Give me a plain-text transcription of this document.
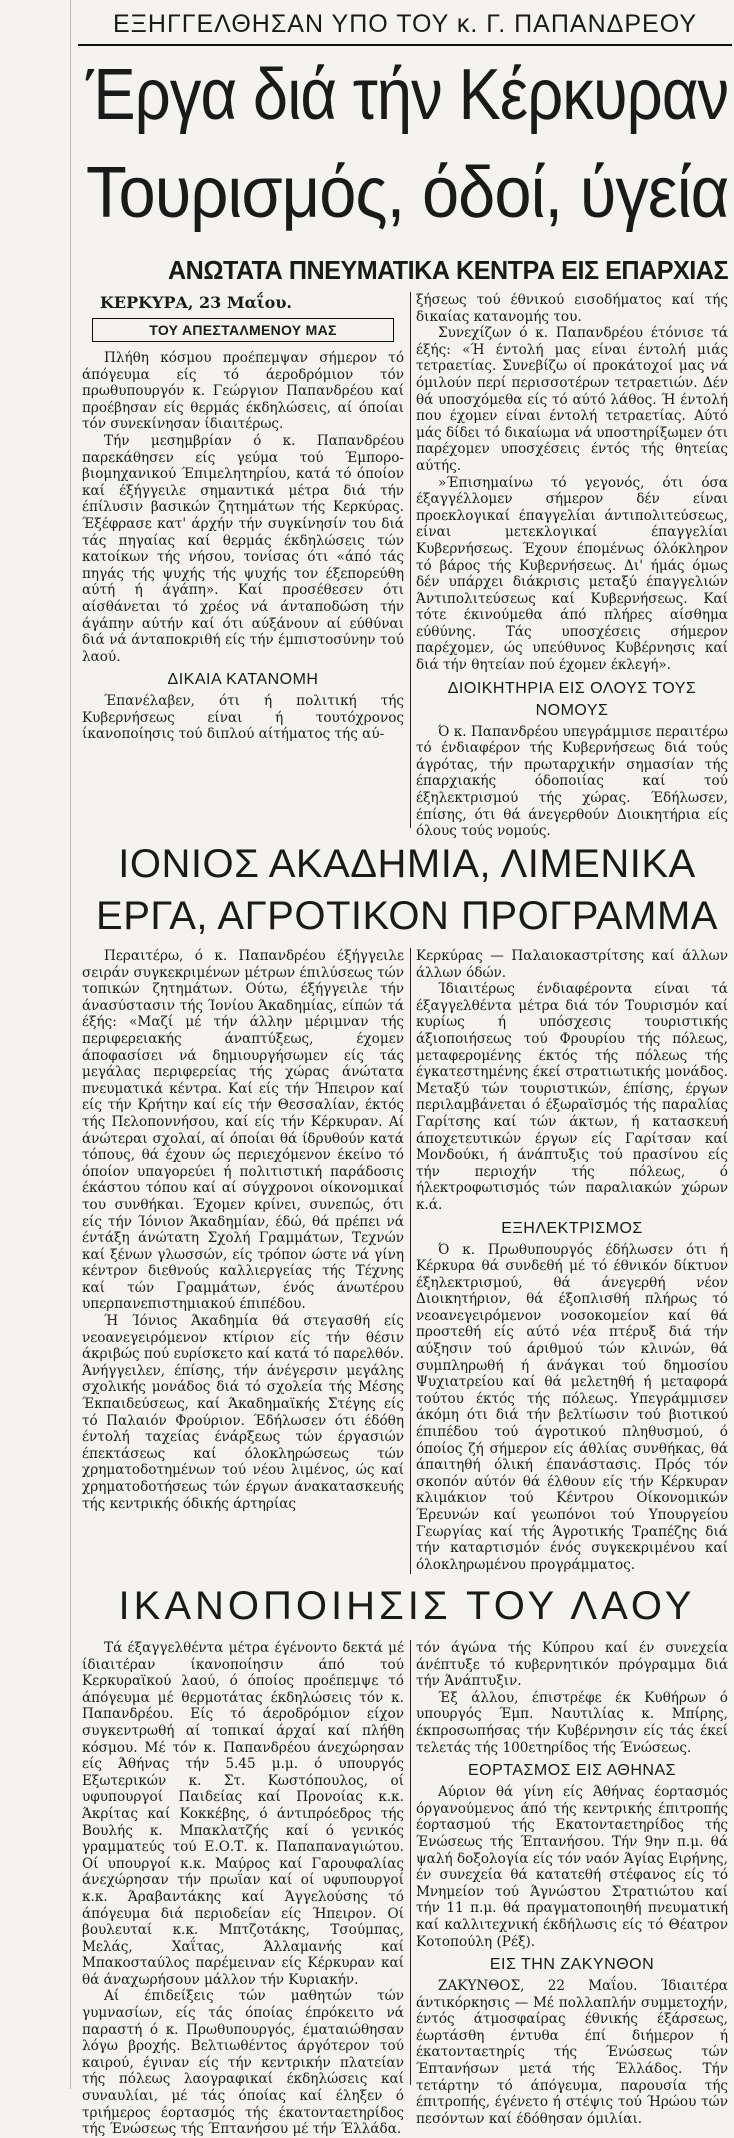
ΕΞΗΓΓΕΛΘΗΣΑΝ ΥΠΟ ΤΟΥ κ. Γ. ΠΑΠΑΝΔΡΕΟΥ
Έργα διά τήν Κέρκυραν
Τουρισμός, όδοί, ύγεία
ΑΝΩΤΑΤΑ ΠΝΕΥΜΑΤΙΚΑ ΚΕΝΤΡΑ ΕΙΣ ΕΠΑΡΧΙΑΣ
ΚΕΡΚΥΡΑ, 23 Μαΐου.
ΤΟΥ ΑΠΕΣΤΑΛΜΕΝΟΥ ΜΑΣ

Πλήθη κόσμου προέπεμψαν σήμερον τό άπόγευμα είς τό άεροδρόμιον τόν πρωθυπουργόν κ. Γεώργιον Παπανδρέου καί προέβησαν είς θερμάς έκδηλώσεις, αί όποίαι τόν συνεκίνησαν ίδιαιτέρως.

Τήν μεσημβρίαν ό κ. Παπανδρέου παρεκάθησεν είς γεύμα τού Έμπορο-βιομηχανικού Έπιμελητηρίου, κατά τό όποίον καί έξήγγειλε σημαντικά μέτρα διά τήν έπίλυσιν βασικών ζητημάτων τής Κερκύρας. Έξέφρασε κατ' άρχήν τήν συγκίνησίν του διά τάς πηγαίας καί θερμάς έκδηλώσεις τών κατοίκων τής νήσου, τονίσας ότι «άπό τάς πηγάς τής ψυχής τής ψυχής τον έξεπορεύθη αύτή ή άγάπη». Καί προσέθεσεν ότι αίσθάνεται τό χρέος νά άνταποδώση τήν άγάπην αύτήν καί ότι αύξάνουν αί εύθύναι διά νά άνταποκριθή είς τήν έμπιστοσύνην τού λαού.

ΔΙΚΑΙΑ ΚΑΤΑΝΟΜΗ

Έπανέλαβεν, ότι ή πολιτική τής Κυβερνήσεως είναι ή τουτόχρονος ίκανοποίησις τού διπλού αίτήματος τής αύ-

ξήσεως τού έθνικού εισοδήματος καί τής δικαίας κατανομής του.

Συνεχίζων ό κ. Παπανδρέου έτόνισε τά έξής: «Ή έντολή μας είναι έντολή μιάς τετραετίας. Συνεβίζω οί προκάτοχοί μας νά όμιλούν περί περισσοτέρων τετραετιών. Δέν θά υποσχόμεθα είς τό αύτό λάθος. Ή έντολή που έχομεν είναι έντολή τετραετίας. Αύτό μάς δίδει τό δικαίωμα νά υποστηρίξωμεν ότι παρέχομεν υποσχέσεις έντός τής θητείας αύτής.

»Έπισημαίνω τό γεγονός, ότι όσα έξαγγέλλομεν σήμερον δέν είναι προεκλογικαί έπαγγελίαι άντιπολιτεύσεως, είναι μετεκλογικαί έπαγγελίαι Κυβερνήσεως. Έχουν έπομένως όλόκληρον τό βάρος τής Κυβερνήσεως. Δι' ήμάς όμως δέν υπάρχει διάκρισις μεταξύ έπαγγελιών Άντιπολιτεύσεως καί Κυβερνήσεως. Καί τότε έκινούμεθα άπό πλήρες αίσθημα εύθύνης. Τάς υποσχέσεις σήμερον παρέχομεν, ώς υπεύθυνος Κυβέρνησις καί διά τήν θητείαν πού έχομεν έκλεγή».

ΔΙΟΙΚΗΤΗΡΙΑ ΕΙΣ ΟΛΟΥΣ ΤΟΥΣ ΝΟΜΟΥΣ

Ό κ. Παπανδρέου υπεγράμμισε περαιτέρω τό ένδιαφέρον τής Κυβερνήσεως διά τούς άγρότας, τήν πρωταρχικήν σημασίαν τής έπαρχιακής όδοποιίας καί τού έξηλεκτρισμού τής χώρας. Έδήλωσεν, έπίσης, ότι θά άνεγερθούν Διοικητήρια είς όλους τούς νομούς.

ΙΟΝΙΟΣ ΑΚΑΔΗΜΙΑ, ΛΙΜΕΝΙΚΑ
ΕΡΓΑ, ΑΓΡΟΤΙΚΟΝ ΠΡΟΓΡΑΜΜΑ

Περαιτέρω, ό κ. Παπανδρέου έξήγγειλε σειράν συγκεκριμένων μέτρων έπιλύσεως τών τοπικών ζητημάτων. Ούτω, έξήγγειλε τήν άνασύστασιν τής Ίονίου Άκαδημίας, είπών τά έξής: «Μαζί μέ τήν άλλην μέριμναν τής περιφερειακής άναπτύξεως, έχομεν άποφασίσει νά δημιουργήσωμεν είς τάς μεγάλας περιφερείας τής χώρας άνώτατα πνευματικά κέντρα. Καί είς τήν Ήπειρον καί είς τήν Κρήτην καί είς τήν Θεσσαλίαν, έκτός τής Πελοποννήσου, καί είς τήν Κέρκυραν. Αί άνώτεραι σχολαί, αί όποίαι θά ίδρυθούν κατά τόπους, θά έχουν ώς περιεχόμενον έκείνο τό όποίον υπαγορεύει ή πολιτιστική παράδοσις έκάστου τόπου καί αί σύγχρονοι οίκονομικαί του συνθήκαι. Έχομεν κρίνει, συνεπώς, ότι είς τήν Ίόνιον Άκαδημίαν, έδώ, θά πρέπει νά έντάξη άνώτατη Σχολή Γραμμάτων, Τεχνών καί ξένων γλωσσών, είς τρόπον ώστε νά γίνη κέντρον διεθνούς καλλιεργείας τής Τέχνης καί τών Γραμμάτων, ένός άνωτέρου υπερπανεπιστημιακού έπιπέδου.

Ή Ίόνιος Άκαδημία θά στεγασθή είς νεοανεγειρόμενον κτίριον είς τήν θέσιν άκριβώς πού ευρίσκετο καί κατά τό παρελθόν. Άνήγγειλεν, έπίσης, τήν άνέγερσιν μεγάλης σχολικής μονάδος διά τό σχολεία τής Μέσης Έκπαιδεύσεως, καί Άκαδημαϊκής Στέγης είς τό Παλαιόν Φρούριον. Έδήλωσεν ότι έδόθη έντολή ταχείας ένάρξεως τών έργασιών έπεκτάσεως καί όλοκληρώσεως τών χρηματοδοτημένων τού νέου λιμένος, ώς καί χρηματοδοτήσεως τών έργων άνακατασκευής τής κεντρικής όδικής άρτηρίας

Κερκύρας — Παλαιοκαστρίτσης καί άλλων άλλων όδών.

Ίδιαιτέρως ένδιαφέροντα είναι τά έξαγγελθέντα μέτρα διά τόν Τουρισμόν καί κυρίως ή υπόσχεσις τουριστικής άξιοποιήσεως τού Φρουρίου τής πόλεως, μεταφερομένης έκτός τής πόλεως τής έγκατεστημένης έκεί στρατιωτικής μονάδος. Μεταξύ τών τουριστικών, έπίσης, έργων περιλαμβάνεται ό έξωραϊσμός τής παραλίας Γαρίτσης καί τών άκτων, ή κατασκευή άποχετευτικών έργων είς Γαρίτσαν καί Μονδούκι, ή άνάπτυξις τού πρασίνου είς τήν περιοχήν τής πόλεως, ό ήλεκτροφωτισμός τών παραλιακών χώρων κ.ά.

ΕΞΗΛΕΚΤΡΙΣΜΟΣ

Ό κ. Πρωθυπουργός έδήλωσεν ότι ή Κέρκυρα θά συνδεθή μέ τό έθνικόν δίκτυον έξηλεκτρισμού, θά άνεγερθή νέον Διοικητήριον, θά έξοπλισθή πλήρως τό νεοανεγειρόμενον νοσοκομείον καί θά προστεθή είς αύτό νέα πτέρυξ διά τήν αύξησιν τού άριθμού τών κλινών, θά συμπληρωθή ή άνάγκαι τού δημοσίου Ψυχιατρείου καί θά μελετηθή ή μεταφορά τούτου έκτός τής πόλεως. Υπεγράμμισεν άκόμη ότι διά τήν βελτίωσιν τού βιοτικού έπιπέδου τού άγροτικού πληθυσμού, ό όποίος ζή σήμερον είς άθλίας συνθήκας, θά άπαιτηθή όλική έπανάστασις. Πρός τόν σκοπόν αύτόν θά έλθουν είς τήν Κέρκυραν κλιμάκιον τού Κέντρου Οίκονομικών Έρευνών καί γεωπόνοι τού Υπουργείου Γεωργίας καί τής Άγροτικής Τραπέζης διά τήν καταρτισμόν ένός συγκεκριμένου καί όλοκληρωμένου προγράμματος.

ΙΚΑΝΟΠΟΙΗΣΙΣ ΤΟΥ ΛΑΟΥ

Τά έξαγγελθέντα μέτρα έγένοντο δεκτά μέ ίδιαιτέραν ίκανοποίησιν άπό τού Κερκυραϊκού λαού, ό όποίος προέπεμψε τό άπόγευμα μέ θερμοτάτας έκδηλώσεις τόν κ. Παπανδρέου. Είς τό άεροδρόμιον είχον συγκεντρωθή αί τοπικαί άρχαί καί πλήθη κόσμου. Μέ τόν κ. Παπανδρέου άνεχώρησαν είς Άθήνας τήν 5.45 μ.μ. ό υπουργός Εξωτερικών κ. Στ. Κωστόπουλος, οί υφυπουργοί Παιδείας καί Προνοίας κ.κ. Άκρίτας καί Κοκκέβης, ό άντιπρόεδρος τής Βουλής κ. Μπακλατζής καί ό γενικός γραμματεύς τού Ε.Ο.Τ. κ. Παπαπαναγιώτου. Οί υπουργοί κ.κ. Μαύρος καί Γαρουφαλίας άνεχώρησαν τήν πρωΐαν καί οί υφυπουργοί κ.κ. Άραβαντάκης καί Άγγελούσης τό άπόγευμα διά περιοδείαν είς Ήπειρον. Οί βουλευταί κ.κ. Μπτζοτάκης, Τσούμπας, Μελάς, Χαΐτας, Άλλαμανής καί Μπακοσταύλος παρέμειναν είς Κέρκυραν καί θά άναχωρήσουν μάλλον τήν Κυριακήν.

Αί έπιδείξεις τών μαθητών τών γυμνασίων, είς τάς όποίας έπρόκειτο νά παραστή ό κ. Πρωθυπουργός, έματαιώθησαν λόγω βροχής. Βελτιωθέντος άργότερον τού καιρού, έγιναν είς τήν κεντρικήν πλατείαν τής πόλεως λαογραφικαί έκδηλώσεις καί συναυλίαι, μέ τάς όποίας καί έληξεν ό τριήμερος έορτασμός τής έκατονταετηρίδος τής Ένώσεως τής Έπτανήσου μέ τήν Έλλάδα.

τόν άγώνα τής Κύπρου καί έν συνεχεία άνέπτυξε τό κυβερνητικόν πρόγραμμα διά τήν Άνάπτυξιν.

Έξ άλλου, έπιστρέφε έκ Κυθήρων ό υπουργός Έμπ. Ναυτιλίας κ. Μπίρης, έκπροσωπήσας τήν Κυβέρνησιν είς τάς έκεί τελετάς τής 100ετηρίδος τής Ένώσεως.

ΕΟΡΤΑΣΜΟΣ ΕΙΣ ΑΘΗΝΑΣ

Αύριον θά γίνη είς Άθήνας έορτασμός όργανούμενος άπό τής κεντρικής έπιτροπής έορτασμού τής Εκατονταετηρίδος τής Ένώσεως τής Έπτανήσου. Τήν 9ην π.μ. θά ψαλή δοξολογία είς τόν ναόν Άγίας Ειρήνης, έν συνεχεία θά κατατεθή στέφανος είς τό Μνημείον τού Άγνώστου Στρατιώτου καί τήν 11 π.μ. θά πραγματοποιηθή πνευματική καί καλλιτεχνική έκδήλωσις είς τό Θέατρον Κοτοπούλη (Ρέξ).

ΕΙΣ ΤΗΝ ΖΑΚΥΝΘΟΝ

ΖΑΚΥΝΘΟΣ, 22 Μαΐου. Ίδιαιτέρα άντικόρκησις — Μέ πολλαπλήν συμμετοχήν, έντός άτμοσφαίρας έθνικής έξάρσεως, έωρτάσθη έντυθα έπί διήμερον ή έκατονταετηρίς τής Ένώσεως τών Έπτανήσων μετά τής Έλλάδος. Τήν τετάρτην τό άπόγευμα, παρουσία τής έπιτροπής, έγένετο ή στέψις τού Ήρώου τών πεσόντων καί έδόθησαν όμιλίαι.
